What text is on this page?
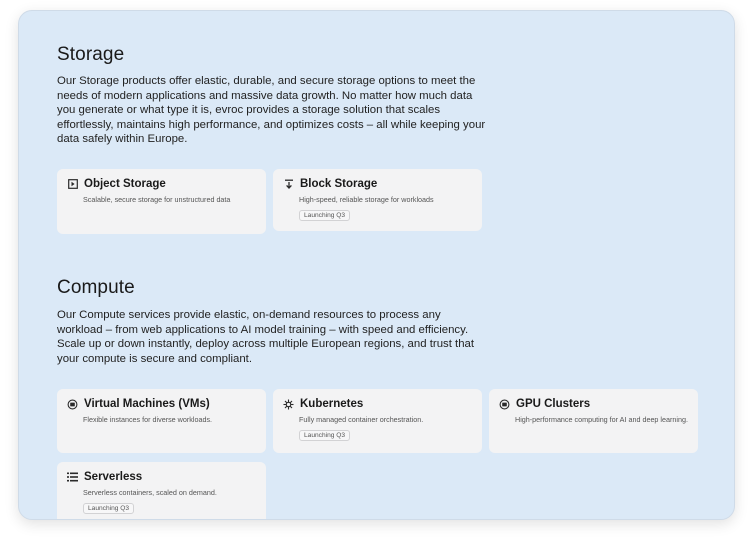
Storage

Our Storage products offer elastic, durable, and secure storage options to meet the needs of modern applications and massive data growth. No matter how much data you generate or what type it is, evroc provides a storage solution that scales effortlessly, maintains high performance, and optimizes costs – all while keeping your data safely within Europe.

Object Storage
Scalable, secure storage for unstructured data
Block Storage
High-speed, reliable storage for workloads
Launching Q3
Compute

Our Compute services provide elastic, on-demand resources to process any workload – from web applications to AI model training – with speed and efficiency. Scale up or down instantly, deploy across multiple European regions, and trust that your compute is secure and compliant.

Virtual Machines (VMs)
Flexible instances for diverse workloads.
Kubernetes
Fully managed container orchestration.
Launching Q3
GPU Clusters
High-performance computing for AI and deep learning.
Serverless
Serverless containers, scaled on demand.
Launching Q3
